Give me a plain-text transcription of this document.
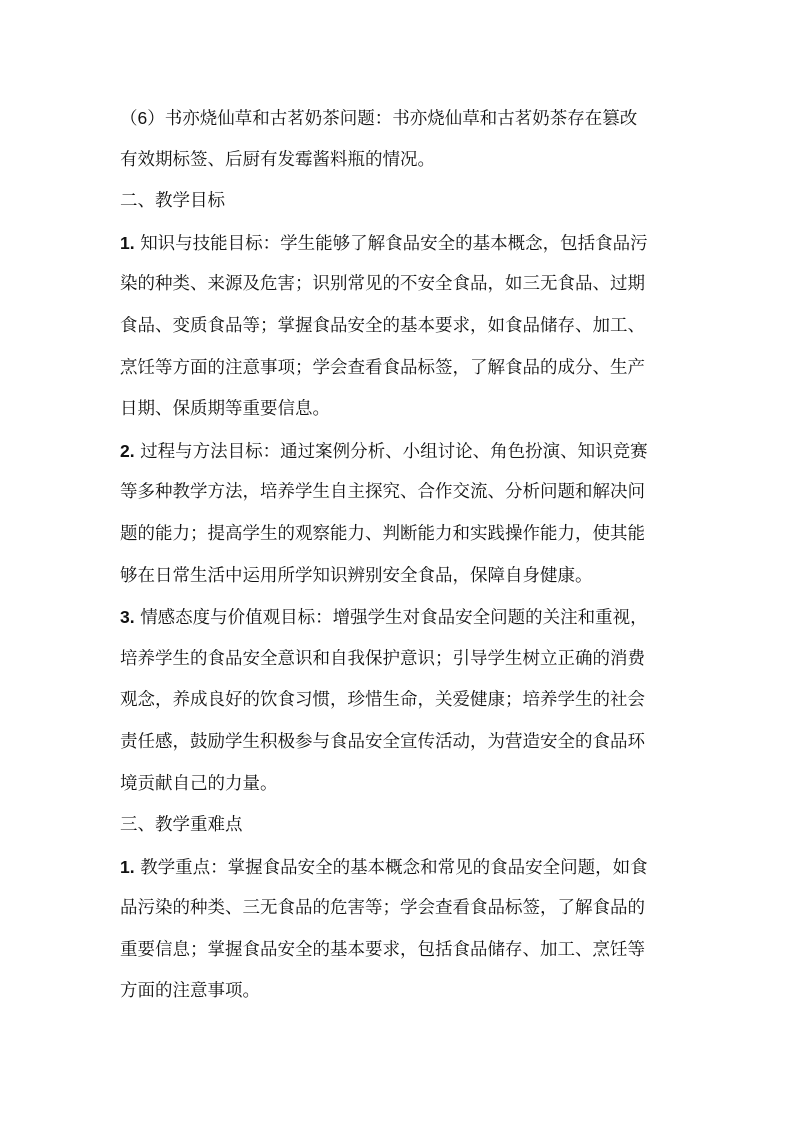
（6）书亦烧仙草和古茗奶茶问题：书亦烧仙草和古茗奶茶存在篡改
有效期标签、后厨有发霉酱料瓶的情况。
二、教学目标
1. 知识与技能目标：学生能够了解食品安全的基本概念，包括食品污
染的种类、来源及危害；识别常见的不安全食品，如三无食品、过期
食品、变质食品等；掌握食品安全的基本要求，如食品储存、加工、
烹饪等方面的注意事项；学会查看食品标签，了解食品的成分、生产
日期、保质期等重要信息。
2. 过程与方法目标：通过案例分析、小组讨论、角色扮演、知识竞赛
等多种教学方法，培养学生自主探究、合作交流、分析问题和解决问
题的能力；提高学生的观察能力、判断能力和实践操作能力，使其能
够在日常生活中运用所学知识辨别安全食品，保障自身健康。
3. 情感态度与价值观目标：增强学生对食品安全问题的关注和重视，
培养学生的食品安全意识和自我保护意识；引导学生树立正确的消费
观念，养成良好的饮食习惯，珍惜生命，关爱健康；培养学生的社会
责任感，鼓励学生积极参与食品安全宣传活动，为营造安全的食品环
境贡献自己的力量。
三、教学重难点
1. 教学重点：掌握食品安全的基本概念和常见的食品安全问题，如食
品污染的种类、三无食品的危害等；学会查看食品标签，了解食品的
重要信息；掌握食品安全的基本要求，包括食品储存、加工、烹饪等
方面的注意事项。
